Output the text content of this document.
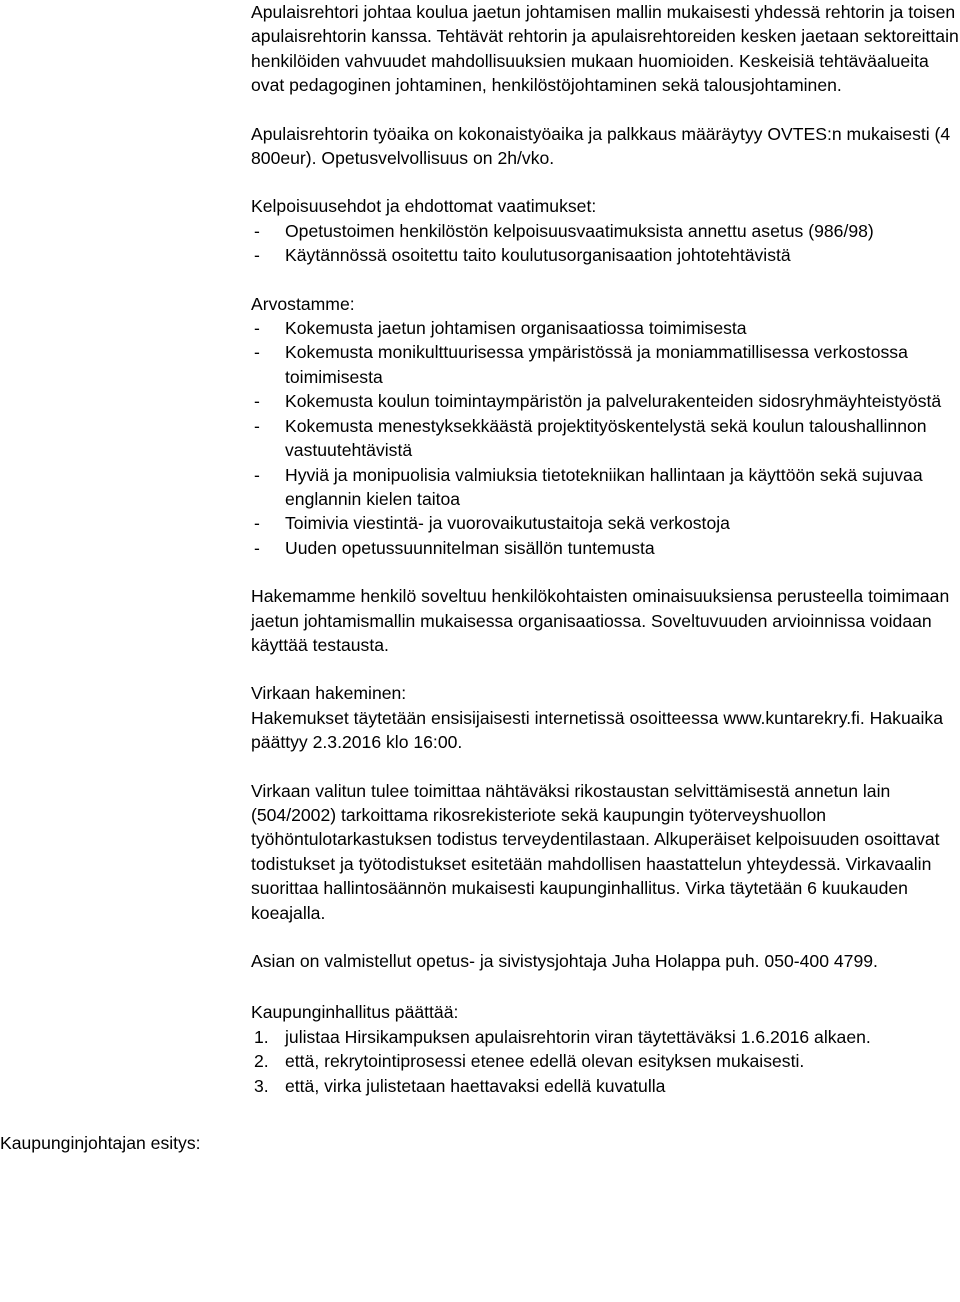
Kaupunginjohtajan esitys:

Apulaisrehtori johtaa koulua jaetun johtamisen mallin mukaisesti yhdessä rehtorin ja toisen apulaisrehtorin kanssa. Tehtävät rehtorin ja apulaisrehtoreiden kesken jaetaan sektoreittain henkilöiden vahvuudet mahdollisuuksien mukaan huomioiden. Keskeisiä tehtäväalueita ovat pedagoginen johtaminen, henkilöstöjohtaminen sekä talousjohtaminen.

Apulaisrehtorin työaika on kokonaistyöaika ja palkkaus määräytyy OVTES:n mukaisesti (4 800eur). Opetusvelvollisuus on 2h/vko.

Kelpoisuusehdot ja ehdottomat vaatimukset:

- Opetustoimen henkilöstön kelpoisuusvaatimuksista annettu asetus (986/98)
- Käytännössä osoitettu taito koulutusorganisaation johtotehtävistä

Arvostamme:

- Kokemusta jaetun johtamisen organisaatiossa toimimisesta
- Kokemusta monikulttuurisessa ympäristössä ja moniammatillisessa verkostossa toimimisesta
- Kokemusta koulun toimintaympäristön ja palvelurakenteiden sidosryhmäyhteistyöstä
- Kokemusta menestyksekkäästä projektityöskentelystä sekä koulun taloushallinnon vastuutehtävistä
- Hyviä ja monipuolisia valmiuksia tietotekniikan hallintaan ja käyttöön sekä sujuvaa englannin kielen taitoa
- Toimivia viestintä- ja vuorovaikutustaitoja sekä verkostoja
- Uuden opetussuunnitelman sisällön tuntemusta

Hakemamme henkilö soveltuu henkilökohtaisten ominaisuuksiensa perusteella toimimaan jaetun johtamismallin mukaisessa organisaatiossa. Soveltuvuuden arvioinnissa voidaan käyttää testausta.

Virkaan hakeminen:

Hakemukset täytetään ensisijaisesti internetissä osoitteessa www.kuntarekry.fi. Hakuaika päättyy 2.3.2016 klo 16:00.

Virkaan valitun tulee toimittaa nähtäväksi rikostaustan selvittämisestä annetun lain (504/2002) tarkoittama rikosrekisteriote sekä kaupungin työterveyshuollon työhöntulotarkastuksen todistus terveydentilastaan. Alkuperäiset kelpoisuuden osoittavat todistukset ja työtodistukset esitetään mahdollisen haastattelun yhteydessä. Virkavaalin suorittaa hallintosäännön mukaisesti kaupunginhallitus. Virka täytetään 6 kuukauden koeajalla.

Asian on valmistellut opetus- ja sivistysjohtaja Juha Holappa puh. 050-400 4799.

Kaupunginhallitus päättää:

1. julistaa Hirsikampuksen apulaisrehtorin viran täytettäväksi 1.6.2016 alkaen.
2. että, rekrytointiprosessi etenee edellä olevan esityksen mukaisesti.
3. että, virka julistetaan haettavaksi edellä kuvatulla
